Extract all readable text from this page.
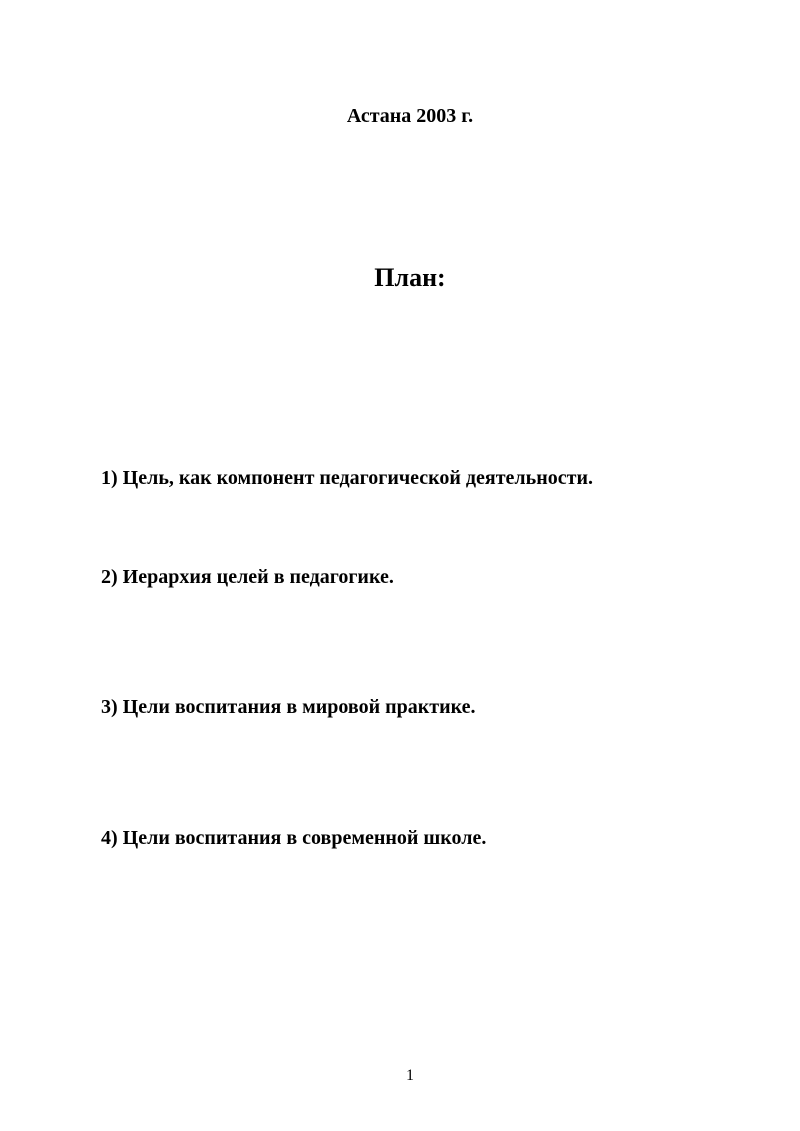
Астана 2003 г.

План:

1) Цель, как компонент педагогической деятельности.

2) Иерархия целей в педагогике.

3) Цели воспитания в мировой практике.

4) Цели воспитания в современной школе.

1
